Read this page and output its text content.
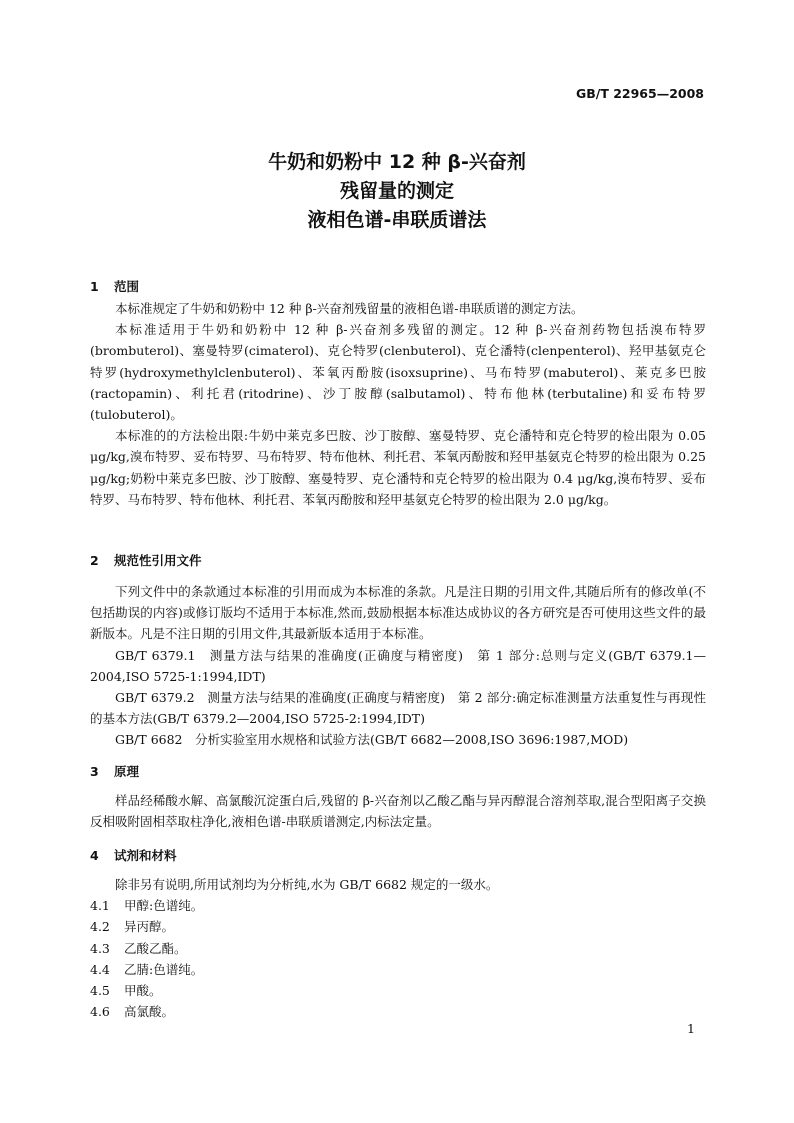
GB/T 22965—2008
牛奶和奶粉中 12 种 β-兴奋剂
残留量的测定
液相色谱-串联质谱法
1 范围

本标准规定了牛奶和奶粉中 12 种 β-兴奋剂残留量的液相色谱-串联质谱的测定方法。

本标准适用于牛奶和奶粉中 12 种 β-兴奋剂多残留的测定。12 种 β-兴奋剂药物包括溴布特罗(brombuterol)、塞曼特罗(cimaterol)、克仑特罗(clenbuterol)、克仑潘特(clenpenterol)、羟甲基氨克仑特罗(hydroxymethylclenbuterol)、苯氧丙酚胺(isoxsuprine)、马布特罗(mabuterol)、莱克多巴胺(ractopamin)、利托君(ritodrine)、沙丁胺醇(salbutamol)、特布他林(terbutaline)和妥布特罗(tulobuterol)。

本标准的的方法检出限:牛奶中莱克多巴胺、沙丁胺醇、塞曼特罗、克仑潘特和克仑特罗的检出限为 0.05 μg/kg,溴布特罗、妥布特罗、马布特罗、特布他林、利托君、苯氧丙酚胺和羟甲基氨克仑特罗的检出限为 0.25 μg/kg;奶粉中莱克多巴胺、沙丁胺醇、塞曼特罗、克仑潘特和克仑特罗的检出限为 0.4 μg/kg,溴布特罗、妥布特罗、马布特罗、特布他林、利托君、苯氧丙酚胺和羟甲基氨克仑特罗的检出限为 2.0 μg/kg。

2 规范性引用文件

下列文件中的条款通过本标准的引用而成为本标准的条款。凡是注日期的引用文件,其随后所有的修改单(不包括勘误的内容)或修订版均不适用于本标准,然而,鼓励根据本标准达成协议的各方研究是否可使用这些文件的最新版本。凡是不注日期的引用文件,其最新版本适用于本标准。

GB/T 6379.1　测量方法与结果的准确度(正确度与精密度)　第 1 部分:总则与定义(GB/T 6379.1—2004,ISO 5725-1:1994,IDT)

GB/T 6379.2　测量方法与结果的准确度(正确度与精密度)　第 2 部分:确定标准测量方法重复性与再现性的基本方法(GB/T 6379.2—2004,ISO 5725-2:1994,IDT)

GB/T 6682　分析实验室用水规格和试验方法(GB/T 6682—2008,ISO 3696:1987,MOD)

3 原理

样品经稀酸水解、高氯酸沉淀蛋白后,残留的 β-兴奋剂以乙酸乙酯与异丙醇混合溶剂萃取,混合型阳离子交换反相吸附固相萃取柱净化,液相色谱-串联质谱测定,内标法定量。

4 试剂和材料

除非另有说明,所用试剂均为分析纯,水为 GB/T 6682 规定的一级水。

4.1 甲醇:色谱纯。

4.2 异丙醇。

4.3 乙酸乙酯。

4.4 乙腈:色谱纯。

4.5 甲酸。

4.6 高氯酸。

1
